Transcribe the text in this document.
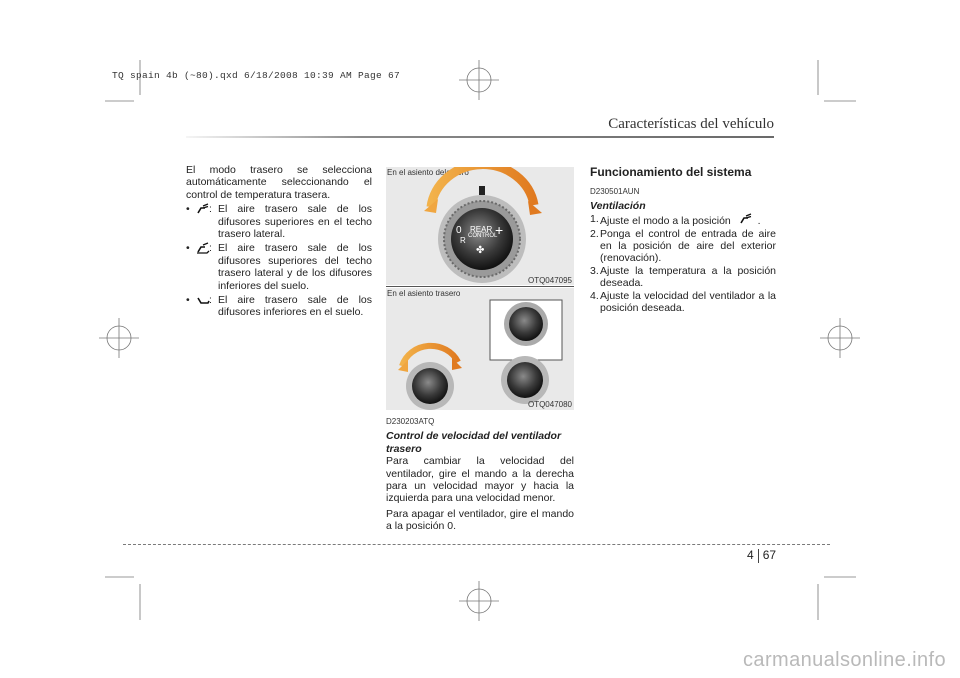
TQ spain 4b (~80).qxd 6/18/2008 10:39 AM Page 67
Características del vehículo

El modo trasero se selecciona automáticamente seleccionando el control de temperatura trasera.

• : El aire trasero sale de los difusores superiores en el techo trasero lateral.
• : El aire trasero sale de los difusores superiores del techo trasero lateral y de los difusores inferiores del suelo.
• : El aire trasero sale de los difusores inferiores en el suelo.
En el asiento delantero
0 REAR +
R CONTROL
✤
OTQ047095
En el asiento trasero
OTQ047080
D230203ATQ
Control de velocidad del ventilador trasero

Para cambiar la velocidad del ventilador, gire el mando a la derecha para un velocidad mayor y hacia la izquierda para una velocidad menor.

Para apagar el ventilador, gire el mando a la posición 0.

Funcionamiento del sistema
D230501AUN
Ventilación
1. Ajuste el modo a la posición	.
2. Ponga el control de entrada de aire en la posición de aire del exterior (renovación).
3. Ajuste la temperatura a la posición deseada.
4. Ajuste la velocidad del ventilador a la posición deseada.
4 67
carmanualsonline.info
